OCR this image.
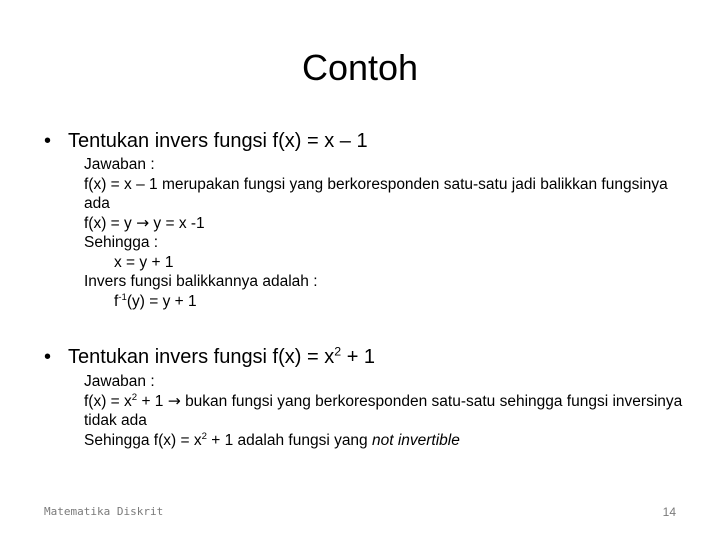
Contoh
• Tentukan invers fungsi f(x) = x – 1
Jawaban :
f(x) = x – 1 merupakan fungsi yang berkoresponden satu-satu jadi balikkan fungsinya ada
f(x) = y → y = x -1
Sehingga :
x = y + 1
Invers fungsi balikkannya adalah :
$f^{-1}(y) = y + 1$
• Tentukan invers fungsi $f(x) = x^2 + 1$
Jawaban :
$f(x) = x^2 + 1$ → bukan fungsi yang berkoresponden satu-satu sehingga fungsi inversinya tidak ada
Sehingga $f(x) = x^2 + 1$ adalah fungsi yang not invertible
Matematika Diskrit	14
